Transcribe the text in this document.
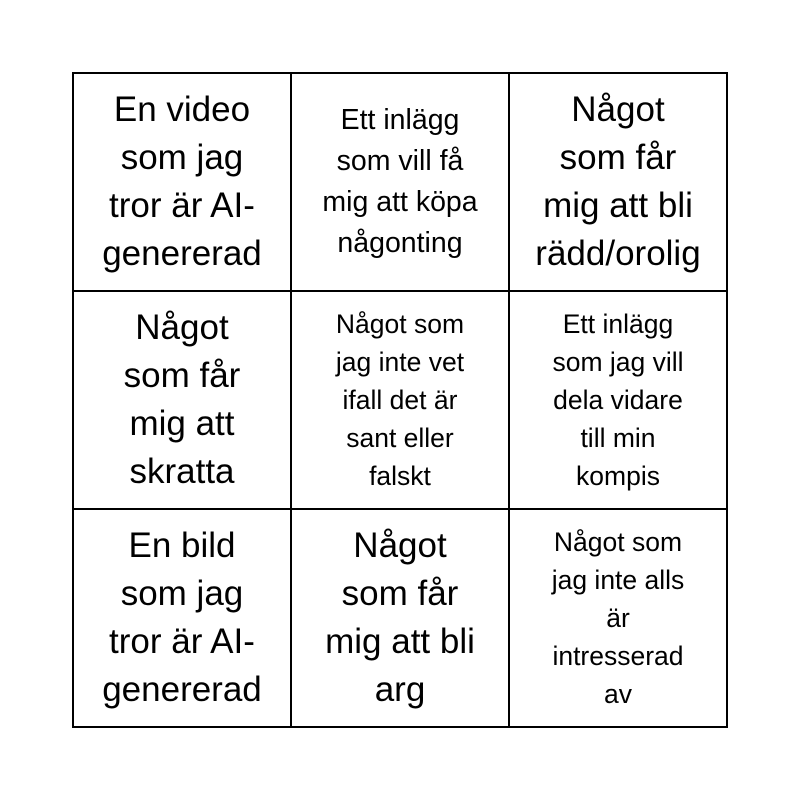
En video
som jag
tror är AI-
genererad
Ett inlägg
som vill få
mig att köpa
någonting
Något
som får
mig att bli
rädd/orolig
Något
som får
mig att
skratta
Något som
jag inte vet
ifall det är
sant eller
falskt
Ett inlägg
som jag vill
dela vidare
till min
kompis
En bild
som jag
tror är AI-
genererad
Något
som får
mig att bli
arg
Något som
jag inte alls
är
intresserad
av
